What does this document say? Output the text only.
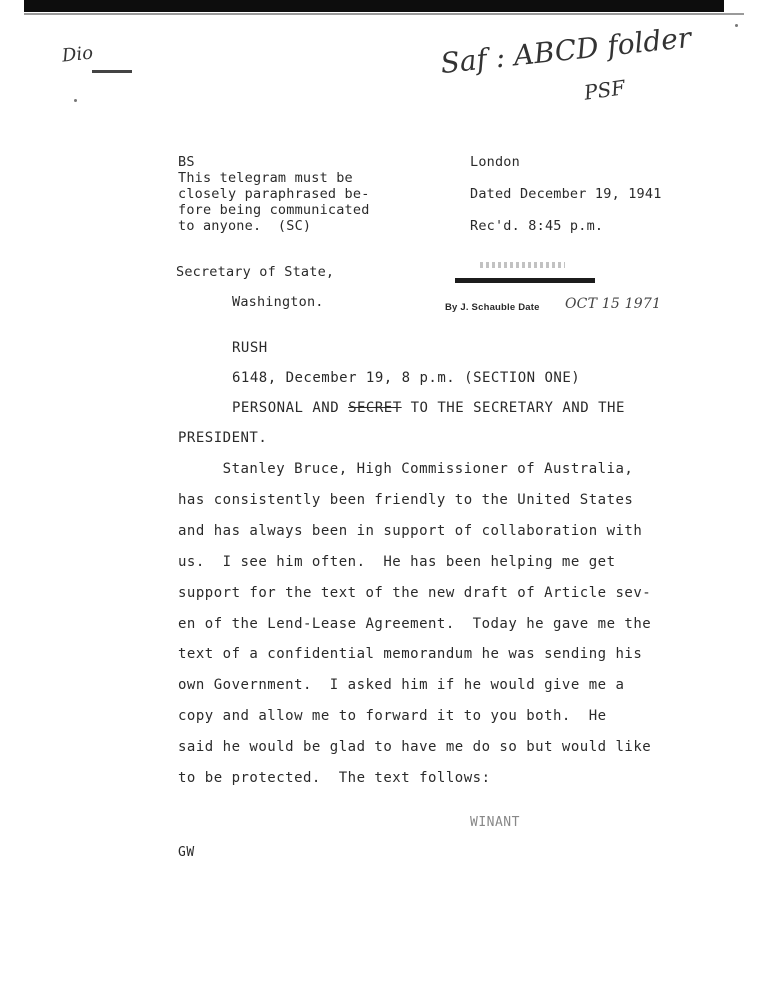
Saf : ABCD folder
PSF
Dio
BS
This telegram must be
closely paraphrased be-
fore being communicated
to anyone.  (SC)
London
Dated December 19, 1941
Rec'd. 8:45 p.m.
Secretary of State,
Washington.	By J. Schauble Date OCT 15 1971
RUSH
6148, December 19, 8 p.m. (SECTION ONE)
PERSONAL AND SECRET TO THE SECRETARY AND THE
PRESIDENT.
Stanley Bruce, High Commissioner of Australia,
has consistently been friendly to the United States
and has always been in support of collaboration with
us.  I see him often.  He has been helping me get
support for the text of the new draft of Article sev-
en of the Lend-Lease Agreement.  Today he gave me the
text of a confidential memorandum he was sending his
own Government.  I asked him if he would give me a
copy and allow me to forward it to you both.  He
said he would be glad to have me do so but would like
to be protected.  The text follows:
WINANT
GW
